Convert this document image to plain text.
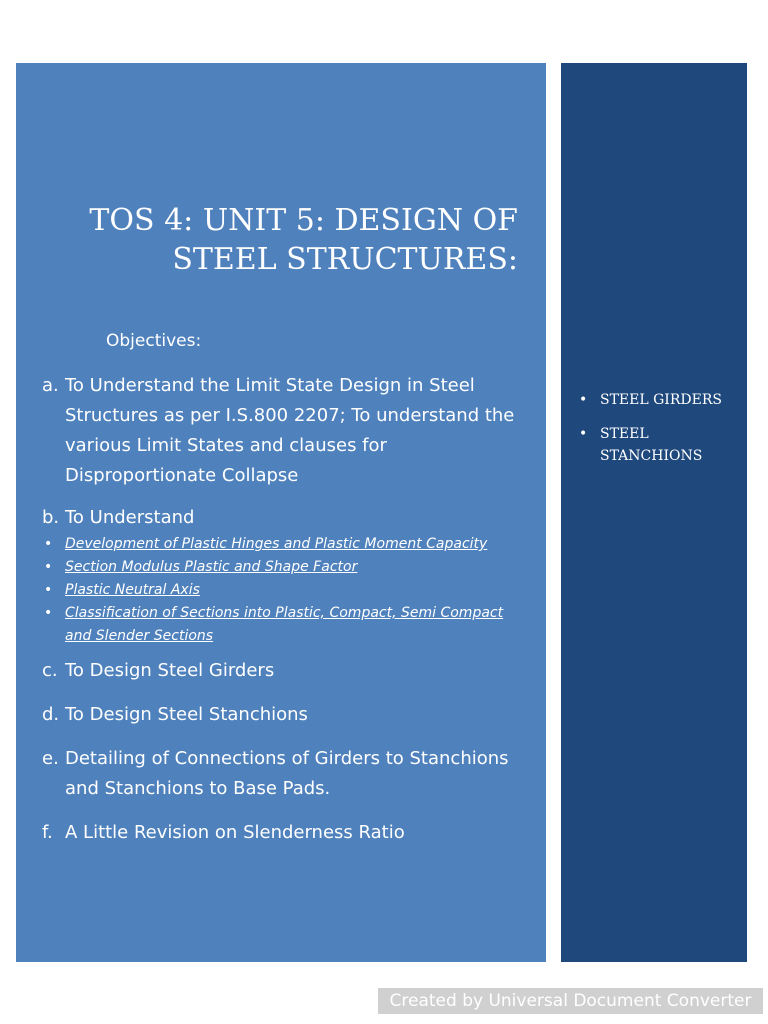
TOS 4: UNIT 5: DESIGN OF
STEEL STRUCTURES:

Objectives:

a. To Understand the Limit State Design in Steel Structures as per I.S.800 2207; To understand the various Limit States and clauses for Disproportionate Collapse
b. To Understand
• Development of Plastic Hinges and Plastic Moment Capacity
• Section Modulus Plastic and Shape Factor
• Plastic Neutral Axis
• Classification of Sections into Plastic, Compact, Semi Compact and Slender Sections
c. To Design Steel Girders
d. To Design Steel Stanchions
e. Detailing of Connections of Girders to Stanchions and Stanchions to Base Pads.
f. A Little Revision on Slenderness Ratio
• STEEL GIRDERS
• STEEL STANCHIONS
Created by Universal Document Converter
